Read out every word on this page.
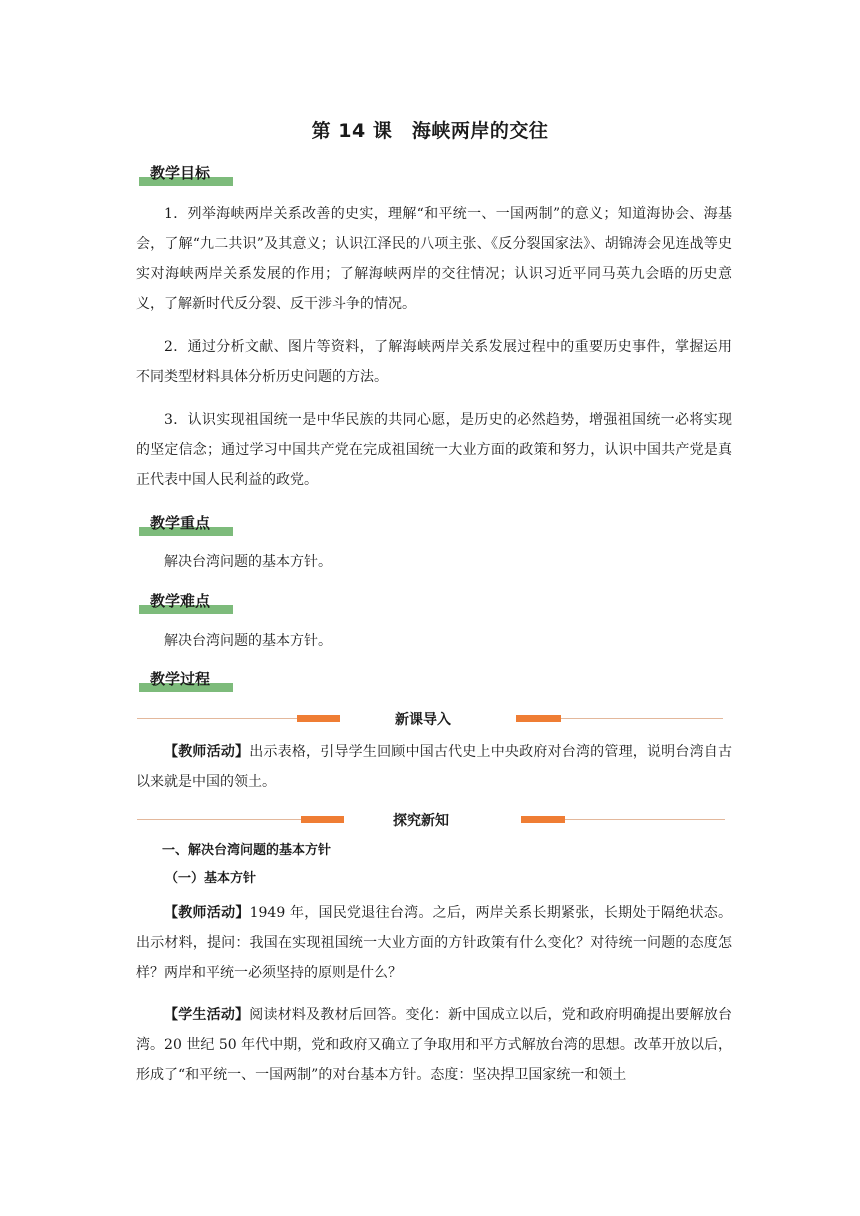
第 14 课　海峡两岸的交往
教学目标
1．列举海峡两岸关系改善的史实，理解“和平统一、一国两制”的意义；知道海协会、海基会，了解“九二共识”及其意义；认识江泽民的八项主张、《反分裂国家法》、胡锦涛会见连战等史实对海峡两岸关系发展的作用；了解海峡两岸的交往情况；认识习近平同马英九会晤的历史意义，了解新时代反分裂、反干涉斗争的情况。
2．通过分析文献、图片等资料，了解海峡两岸关系发展过程中的重要历史事件，掌握运用不同类型材料具体分析历史问题的方法。
3．认识实现祖国统一是中华民族的共同心愿，是历史的必然趋势，增强祖国统一必将实现的坚定信念；通过学习中国共产党在完成祖国统一大业方面的政策和努力，认识中国共产党是真正代表中国人民利益的政党。
教学重点
解决台湾问题的基本方针。
教学难点
解决台湾问题的基本方针。
教学过程
新课导入
【教师活动】出示表格，引导学生回顾中国古代史上中央政府对台湾的管理，说明台湾自古以来就是中国的领土。
探究新知
一、解决台湾问题的基本方针
（一）基本方针
【教师活动】1949 年，国民党退往台湾。之后，两岸关系长期紧张，长期处于隔绝状态。出示材料，提问：我国在实现祖国统一大业方面的方针政策有什么变化？对待统一问题的态度怎样？两岸和平统一必须坚持的原则是什么？
【学生活动】阅读材料及教材后回答。变化：新中国成立以后，党和政府明确提出要解放台湾。20 世纪 50 年代中期，党和政府又确立了争取用和平方式解放台湾的思想。改革开放以后，形成了“和平统一、一国两制”的对台基本方针。态度：坚决捍卫国家统一和领土
